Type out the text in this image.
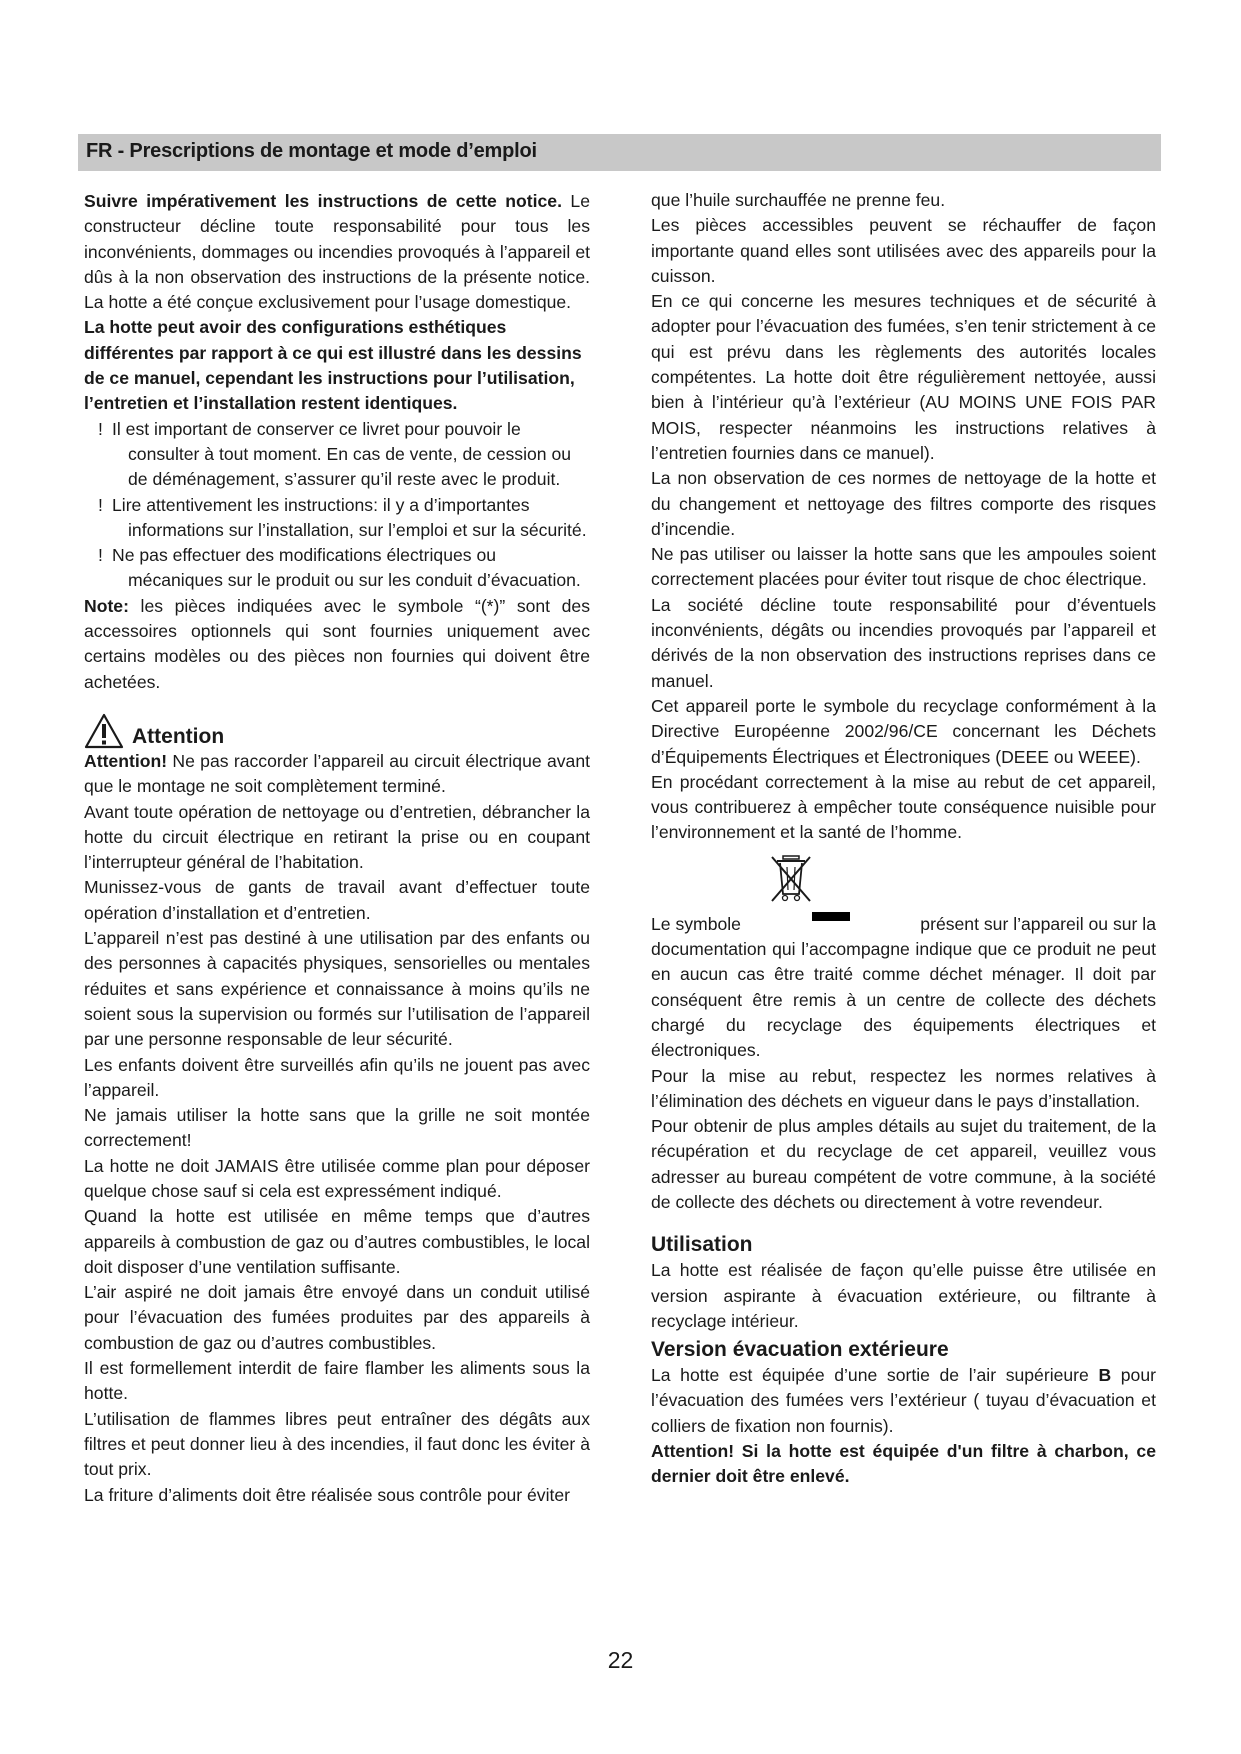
FR - Prescriptions de montage et mode d’emploi

Suivre impérativement les instructions de cette notice. Le constructeur décline toute responsabilité pour tous les inconvénients, dommages ou incendies provoqués à l’appareil et dûs à la non observation des instructions de la présente notice. La hotte a été conçue exclusivement pour l’usage domestique.

La hotte peut avoir des configurations esthétiques différentes par rapport à ce qui est illustré dans les dessins de ce manuel, cependant les instructions pour l’utilisation, l’entretien et l’installation restent identiques.

! Il est important de conserver ce livret pour pouvoir le consulter à tout moment. En cas de vente, de cession ou de déménagement, s’assurer qu’il reste avec le produit.

! Lire attentivement les instructions: il y a d’importantes informations sur l’installation, sur l’emploi et sur la sécurité.

! Ne pas effectuer des modifications électriques ou mécaniques sur le produit ou sur les conduit d’évacuation.

Note: les pièces indiquées avec le symbole “(*)” sont des accessoires optionnels qui sont fournies uniquement avec certains modèles ou des pièces non fournies qui doivent être achetées.

Attention

Attention! Ne pas raccorder l’appareil au circuit électrique avant que le montage ne soit complètement terminé.

Avant toute opération de nettoyage ou d’entretien, débrancher la hotte du circuit électrique en retirant la prise ou en coupant l’interrupteur général de l’habitation.

Munissez-vous de gants de travail avant d’effectuer toute opération d’installation et d’entretien.

L’appareil n’est pas destiné à une utilisation par des enfants ou des personnes à capacités physiques, sensorielles ou mentales réduites et sans expérience et connaissance à moins qu’ils ne soient sous la supervision ou formés sur l’utilisation de l’appareil par une personne responsable de leur sécurité.

Les enfants doivent être surveillés afin qu’ils ne jouent pas avec l’appareil.

Ne jamais utiliser la hotte sans que la grille ne soit montée correctement!

La hotte ne doit JAMAIS être utilisée comme plan pour déposer quelque chose sauf si cela est expressément indiqué.

Quand la hotte est utilisée en même temps que d’autres appareils à combustion de gaz ou d’autres combustibles, le local doit disposer d’une ventilation suffisante.

L’air aspiré ne doit jamais être envoyé dans un conduit utilisé pour l’évacuation des fumées produites par des appareils à combustion de gaz ou d’autres combustibles.

Il est formellement interdit de faire flamber les aliments sous la hotte.

L’utilisation de flammes libres peut entraîner des dégâts aux filtres et peut donner lieu à des incendies, il faut donc les éviter à tout prix.

La friture d’aliments doit être réalisée sous contrôle pour éviter

que l’huile surchauffée ne prenne feu.

Les pièces accessibles peuvent se réchauffer de façon importante quand elles sont utilisées avec des appareils pour la cuisson.

En ce qui concerne les mesures techniques et de sécurité à adopter pour l’évacuation des fumées, s’en tenir strictement à ce qui est prévu dans les règlements des autorités locales compétentes. La hotte doit être régulièrement nettoyée, aussi bien à l’intérieur qu’à l’extérieur (AU MOINS UNE FOIS PAR MOIS, respecter néanmoins les instructions relatives à l’entretien fournies dans ce manuel).

La non observation de ces normes de nettoyage de la hotte et du changement et nettoyage des filtres comporte des risques d’incendie.

Ne pas utiliser ou laisser la hotte sans que les ampoules soient correctement placées pour éviter tout risque de choc électrique.

La société décline toute responsabilité pour d’éventuels inconvénients, dégâts ou incendies provoqués par l’appareil et dérivés de la non observation des instructions reprises dans ce manuel.

Cet appareil porte le symbole du recyclage conformément à la Directive Européenne 2002/96/CE concernant les Déchets d’Équipements Électriques et Électroniques (DEEE ou WEEE).

En procédant correctement à la mise au rebut de cet appareil, vous contribuerez à empêcher toute conséquence nuisible pour l’environnement et la santé de l’homme.

Le symbole	présent sur l’appareil ou sur la

documentation qui l’accompagne indique que ce produit ne peut en aucun cas être traité comme déchet ménager. Il doit par conséquent être remis à un centre de collecte des déchets chargé du recyclage des équipements électriques et électroniques.

Pour la mise au rebut, respectez les normes relatives à l’élimination des déchets en vigueur dans le pays d’installation.

Pour obtenir de plus amples détails au sujet du traitement, de la récupération et du recyclage de cet appareil, veuillez vous adresser au bureau compétent de votre commune, à la société de collecte des déchets ou directement à votre revendeur.

Utilisation

La hotte est réalisée de façon qu’elle puisse être utilisée en version aspirante à évacuation extérieure, ou filtrante à recyclage intérieur.

Version évacuation extérieure

La hotte est équipée d’une sortie de l’air supérieure B pour l’évacuation des fumées vers l’extérieur ( tuyau d’évacuation et colliers de fixation non fournis).

Attention! Si la hotte est équipée d'un filtre à charbon, ce dernier doit être enlevé.

22
